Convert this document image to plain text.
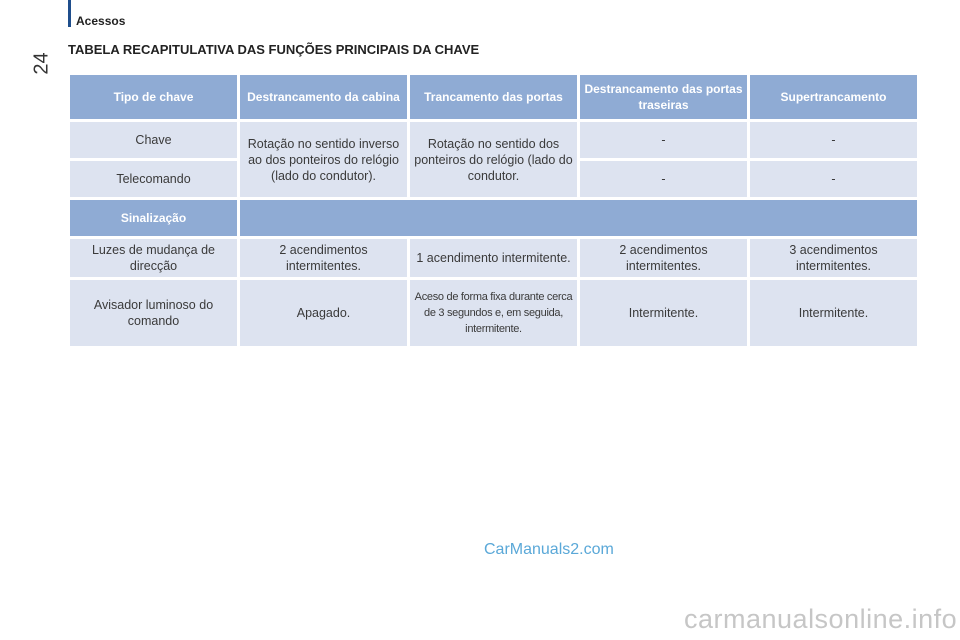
Acessos
24
TABELA RECAPITULATIVA DAS FUNÇÕES PRINCIPAIS DA CHAVE
Tipo de chave	Destrancamento da cabina	Trancamento das portas	Destrancamento das portas traseiras	Supertrancamento
Chave	Rotação no sentido inverso ao dos ponteiros do relógio (lado do condutor).	Rotação no sentido dos ponteiros do relógio (lado do condutor.	-	-
Telecomando			-	-
Sinalização				
Luzes de mudança de direcção	2 acendimentos intermitentes.	1 acendimento intermitente.	2 acendimentos intermitentes.	3 acendimentos intermitentes.
Avisador luminoso do comando	Apagado.	Aceso de forma fixa durante cerca de 3 segundos e, em seguida, intermitente.	Intermitente.	Intermitente.
CarManuals2.com
carmanualsonline.info
